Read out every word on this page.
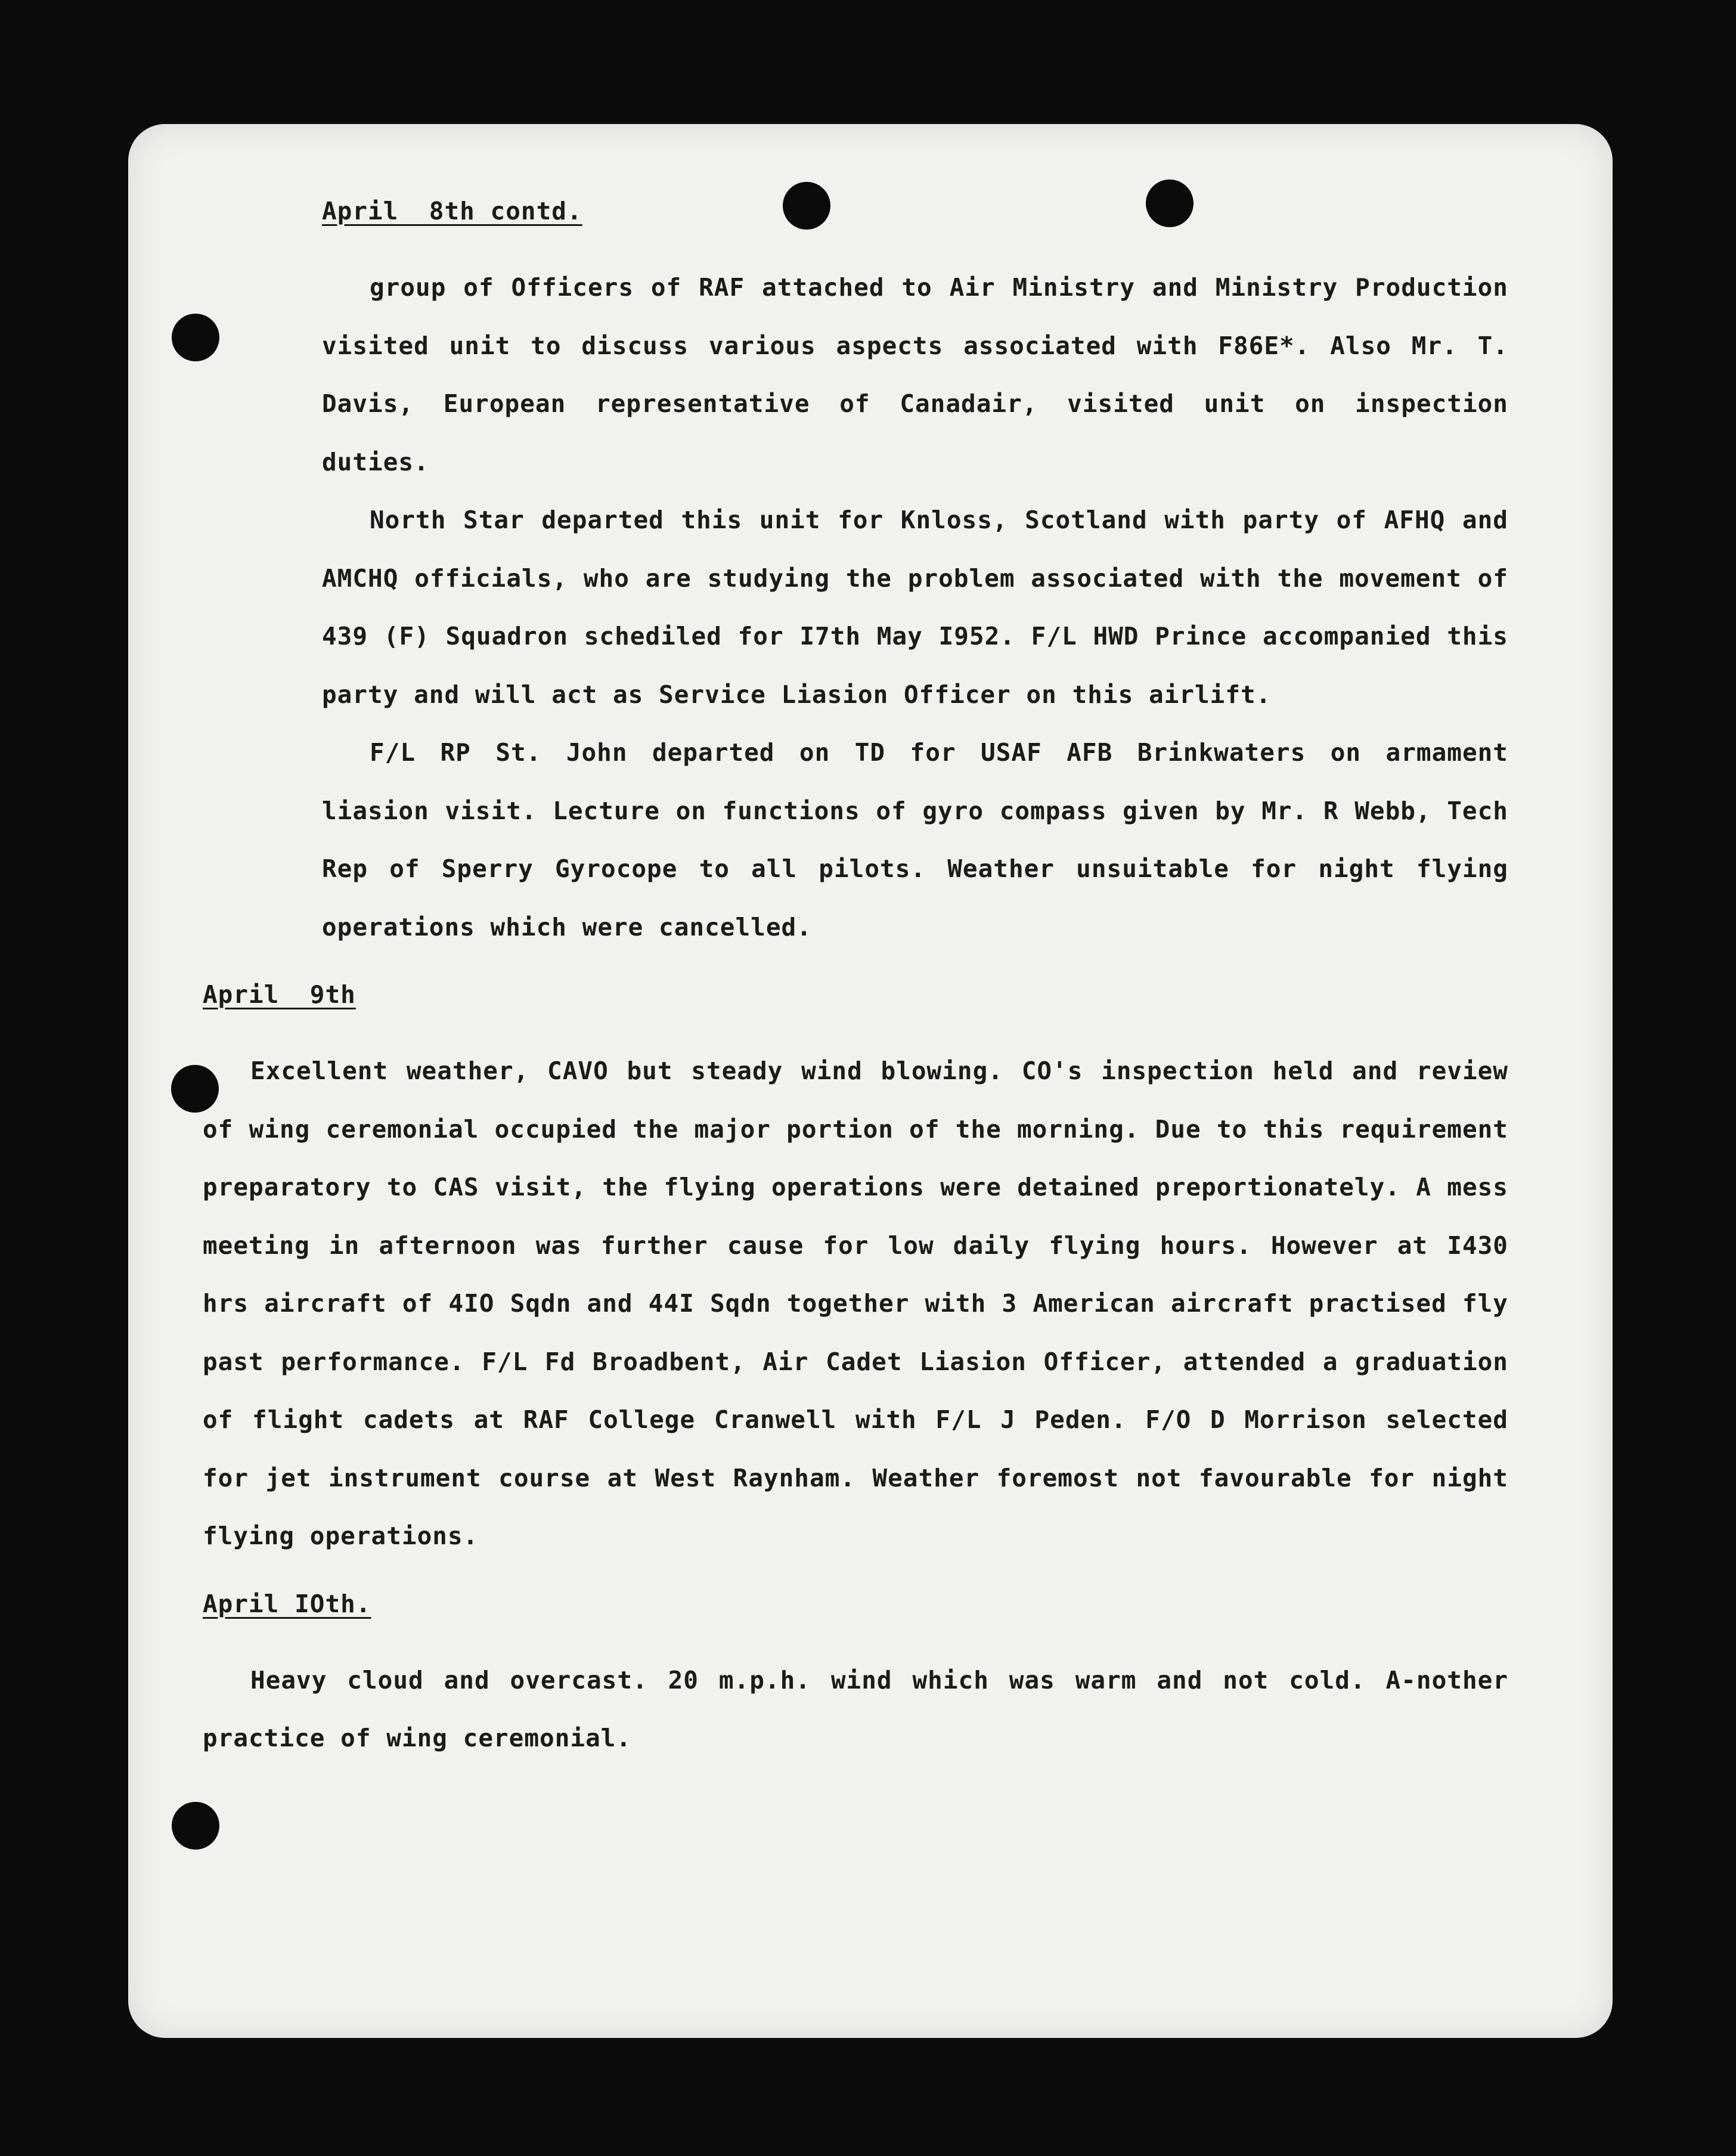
April  8th contd.

group of Officers of RAF attached to Air Ministry and Ministry Production visited unit to discuss various aspects associated with F86E*. Also Mr. T. Davis, European representative of Canadair, visited unit on inspection duties.

North Star departed this unit for Knloss, Scotland with party of AFHQ and AMCHQ officials, who are studying the problem associated with the movement of 439 (F) Squadron schediled for I7th May I952. F/L HWD Prince accompanied this party and will act as Service Liasion Officer on this airlift.

F/L RP St. John departed on TD for USAF AFB Brinkwaters on armament liasion visit. Lecture on functions of gyro compass given by Mr. R Webb, Tech Rep of Sperry Gyrocope to all pilots. Weather unsuitable for night flying operations which were cancelled.

April  9th

Excellent weather, CAVO but steady wind blowing. CO's inspection held and review of wing ceremonial occupied the major portion of the morning. Due to this requirement preparatory to CAS visit, the flying operations were detained preportionately. A mess meeting in afternoon was further cause for low daily flying hours. However at I430 hrs aircraft of 4IO Sqdn and 44I Sqdn together with 3 American aircraft practised fly past performance. F/L Fd Broadbent, Air Cadet Liasion Officer, attended a graduation of flight cadets at RAF College Cranwell with F/L J Peden. F/O D Morrison selected for jet instrument course at West Raynham. Weather foremost not favourable for night flying operations.

April IOth.

Heavy cloud and overcast. 20 m.p.h. wind which was warm and not cold. A-nother practice of wing ceremonial.
